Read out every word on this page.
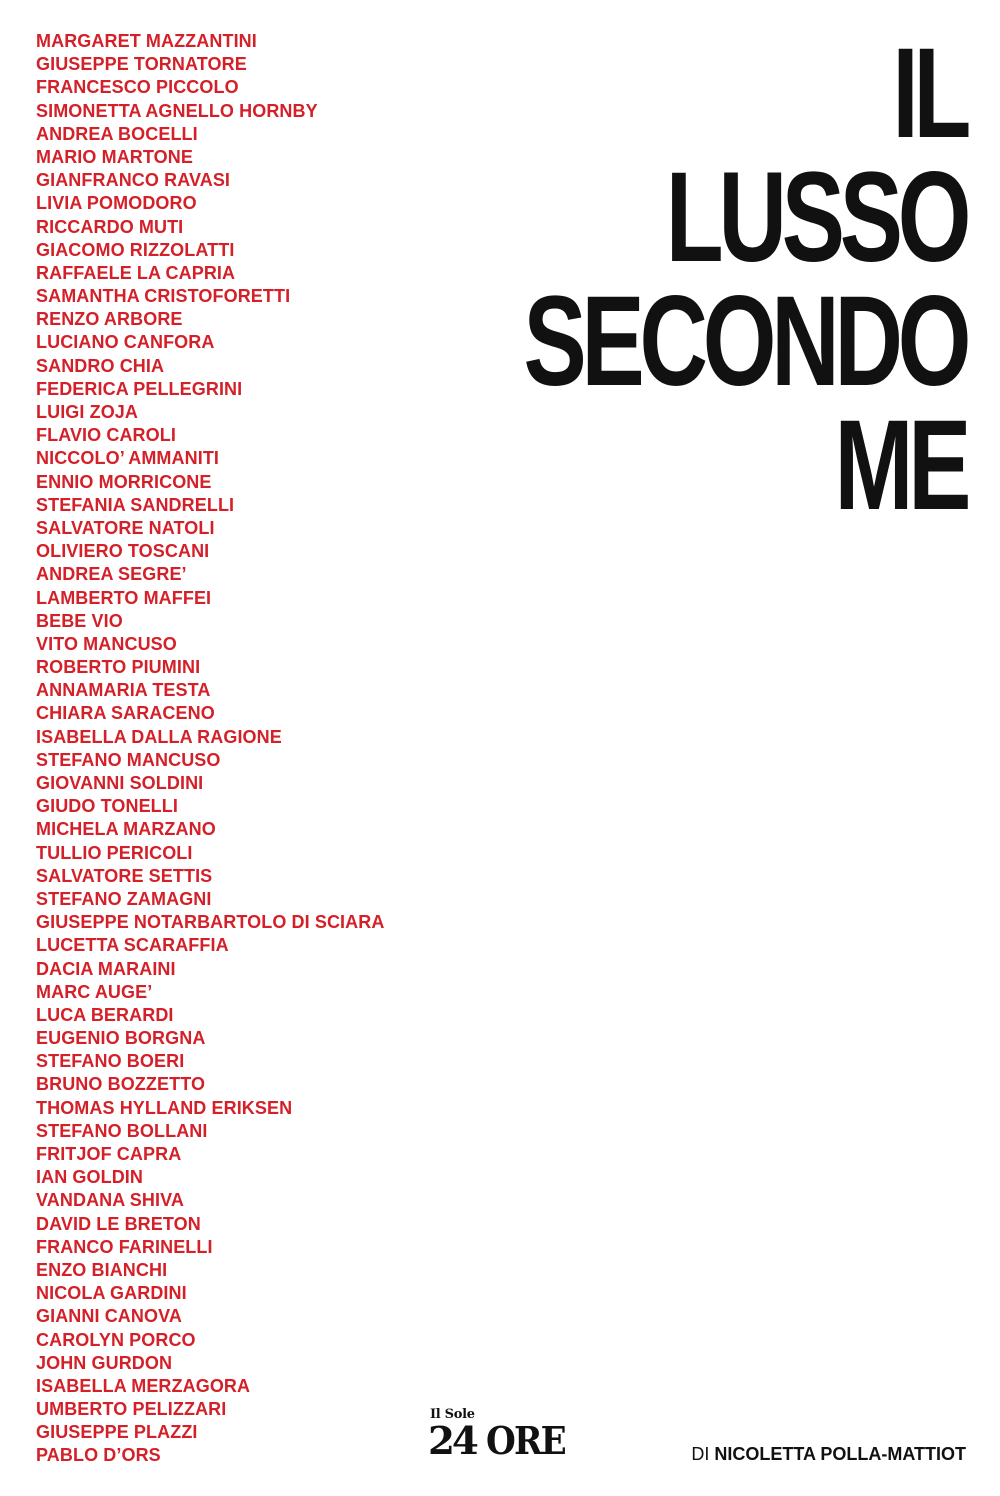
MARGARET MAZZANTINI
GIUSEPPE TORNATORE
FRANCESCO PICCOLO
SIMONETTA AGNELLO HORNBY
ANDREA BOCELLI
MARIO MARTONE
GIANFRANCO RAVASI
LIVIA POMODORO
RICCARDO MUTI
GIACOMO RIZZOLATTI
RAFFAELE LA CAPRIA
SAMANTHA CRISTOFORETTI
RENZO ARBORE
LUCIANO CANFORA
SANDRO CHIA
FEDERICA PELLEGRINI
LUIGI ZOJA
FLAVIO CAROLI
NICCOLO’ AMMANITI
ENNIO MORRICONE
STEFANIA SANDRELLI
SALVATORE NATOLI
OLIVIERO TOSCANI
ANDREA SEGRE’
LAMBERTO MAFFEI
BEBE VIO
VITO MANCUSO
ROBERTO PIUMINI
ANNAMARIA TESTA
CHIARA SARACENO
ISABELLA DALLA RAGIONE
STEFANO MANCUSO
GIOVANNI SOLDINI
GIUDO TONELLI
MICHELA MARZANO
TULLIO PERICOLI
SALVATORE SETTIS
STEFANO ZAMAGNI
GIUSEPPE NOTARBARTOLO DI SCIARA
LUCETTA SCARAFFIA
DACIA MARAINI
MARC AUGE’
LUCA BERARDI
EUGENIO BORGNA
STEFANO BOERI
BRUNO BOZZETTO
THOMAS HYLLAND ERIKSEN
STEFANO BOLLANI
FRITJOF CAPRA
IAN GOLDIN
VANDANA SHIVA
DAVID LE BRETON
FRANCO FARINELLI
ENZO BIANCHI
NICOLA GARDINI
GIANNI CANOVA
CAROLYN PORCO
JOHN GURDON
ISABELLA MERZAGORA
UMBERTO PELIZZARI
GIUSEPPE PLAZZI
PABLO D’ORS
IL
LUSSO
SECONDO
ME
Il Sole
24 ORE	DI NICOLETTA POLLA-MATTIOT
